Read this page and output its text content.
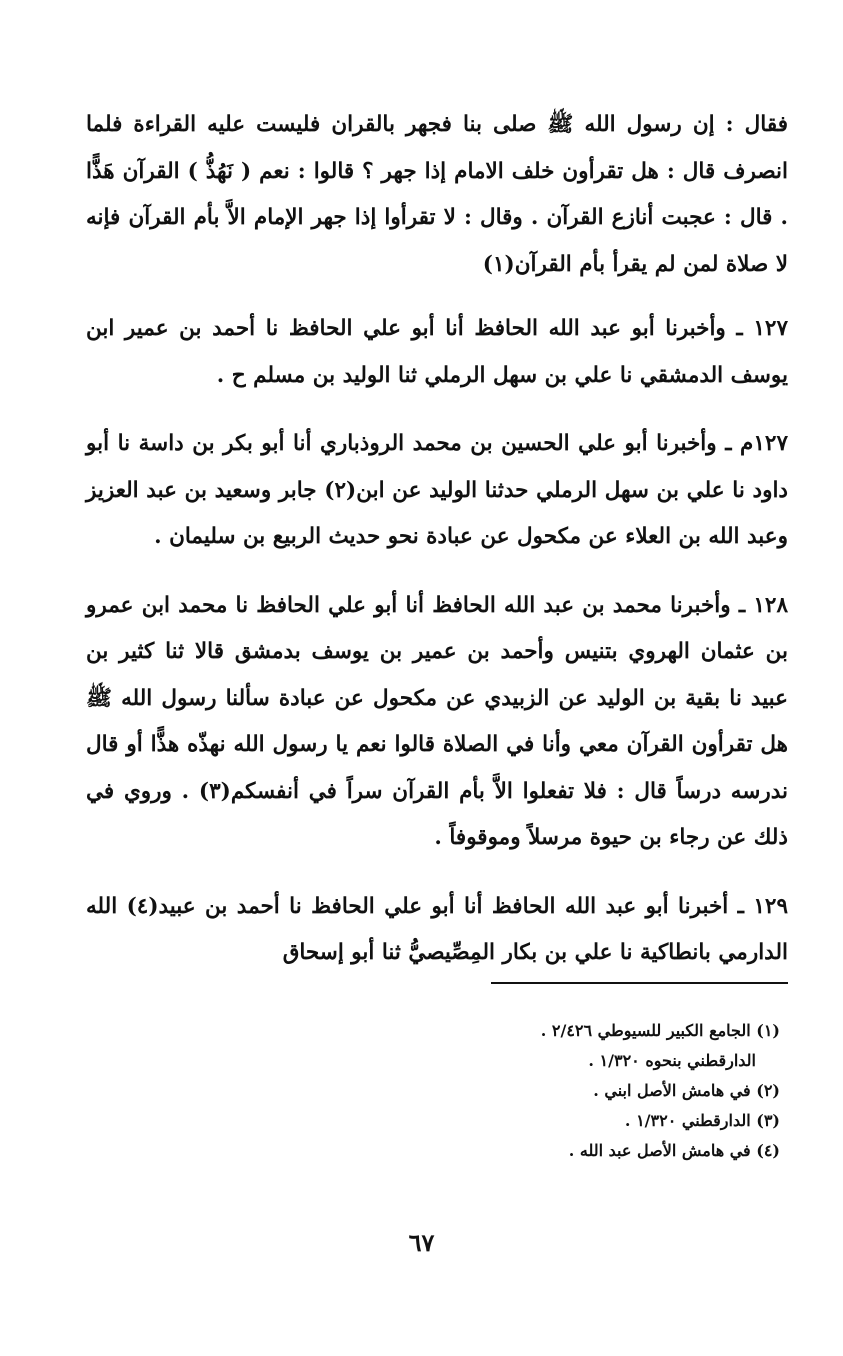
فقال : إن رسول الله ﷺ صلى بنا فجهر بالقران فليست عليه القراءة فلما انصرف قال : هل تقرأون خلف الامام إذا جهر ؟ قالوا : نعم ( نَهُذُّ ) القرآن هَذًّا . قال : عجبت أنازع القرآن . وقال : لا تقرأوا إذا جهر الإمام الاَّ بأم القرآن فإنه لا صلاة لمن لم يقرأ بأم القرآن(١)

١٢٧ ـ وأخبرنا أبو عبد الله الحافظ أنا أبو علي الحافظ نا أحمد بن عمير ابن يوسف الدمشقي نا علي بن سهل الرملي ثنا الوليد بن مسلم ح .

١٢٧م ـ وأخبرنا أبو علي الحسين بن محمد الروذباري أنا أبو بكر بن داسة نا أبو داود نا علي بن سهل الرملي حدثنا الوليد عن ابن(٢) جابر وسعيد بن عبد العزيز وعبد الله بن العلاء عن مكحول عن عبادة نحو حديث الربيع بن سليمان .

١٢٨ ـ وأخبرنا محمد بن عبد الله الحافظ أنا أبو علي الحافظ نا محمد ابن عمرو بن عثمان الهروي بتنيس وأحمد بن عمير بن يوسف بدمشق قالا ثنا كثير بن عبيد نا بقية بن الوليد عن الزبيدي عن مكحول عن عبادة سألنا رسول الله ﷺ هل تقرأون القرآن معي وأنا في الصلاة قالوا نعم يا رسول الله نهذّه هذًّا أو قال ندرسه درساً قال : فلا تفعلوا الاَّ بأم القرآن سراً في أنفسكم(٣) . وروي في ذلك عن رجاء بن حيوة مرسلاً وموقوفاً .

١٢٩ ـ أخبرنا أبو عبد الله الحافظ أنا أبو علي الحافظ نا أحمد بن عبيد(٤) الله الدارمي بانطاكية نا علي بن بكار المِصِّيصيُّ ثنا أبو إسحاق

(١) الجامع الكبير للسيوطي ٢/٤٢٦ .
الدارقطني بنحوه ١/٣٢٠ .
(٢) في هامش الأصل ابني .
(٣) الدارقطني ١/٣٢٠ .
(٤) في هامش الأصل عبد الله .
٦٧
